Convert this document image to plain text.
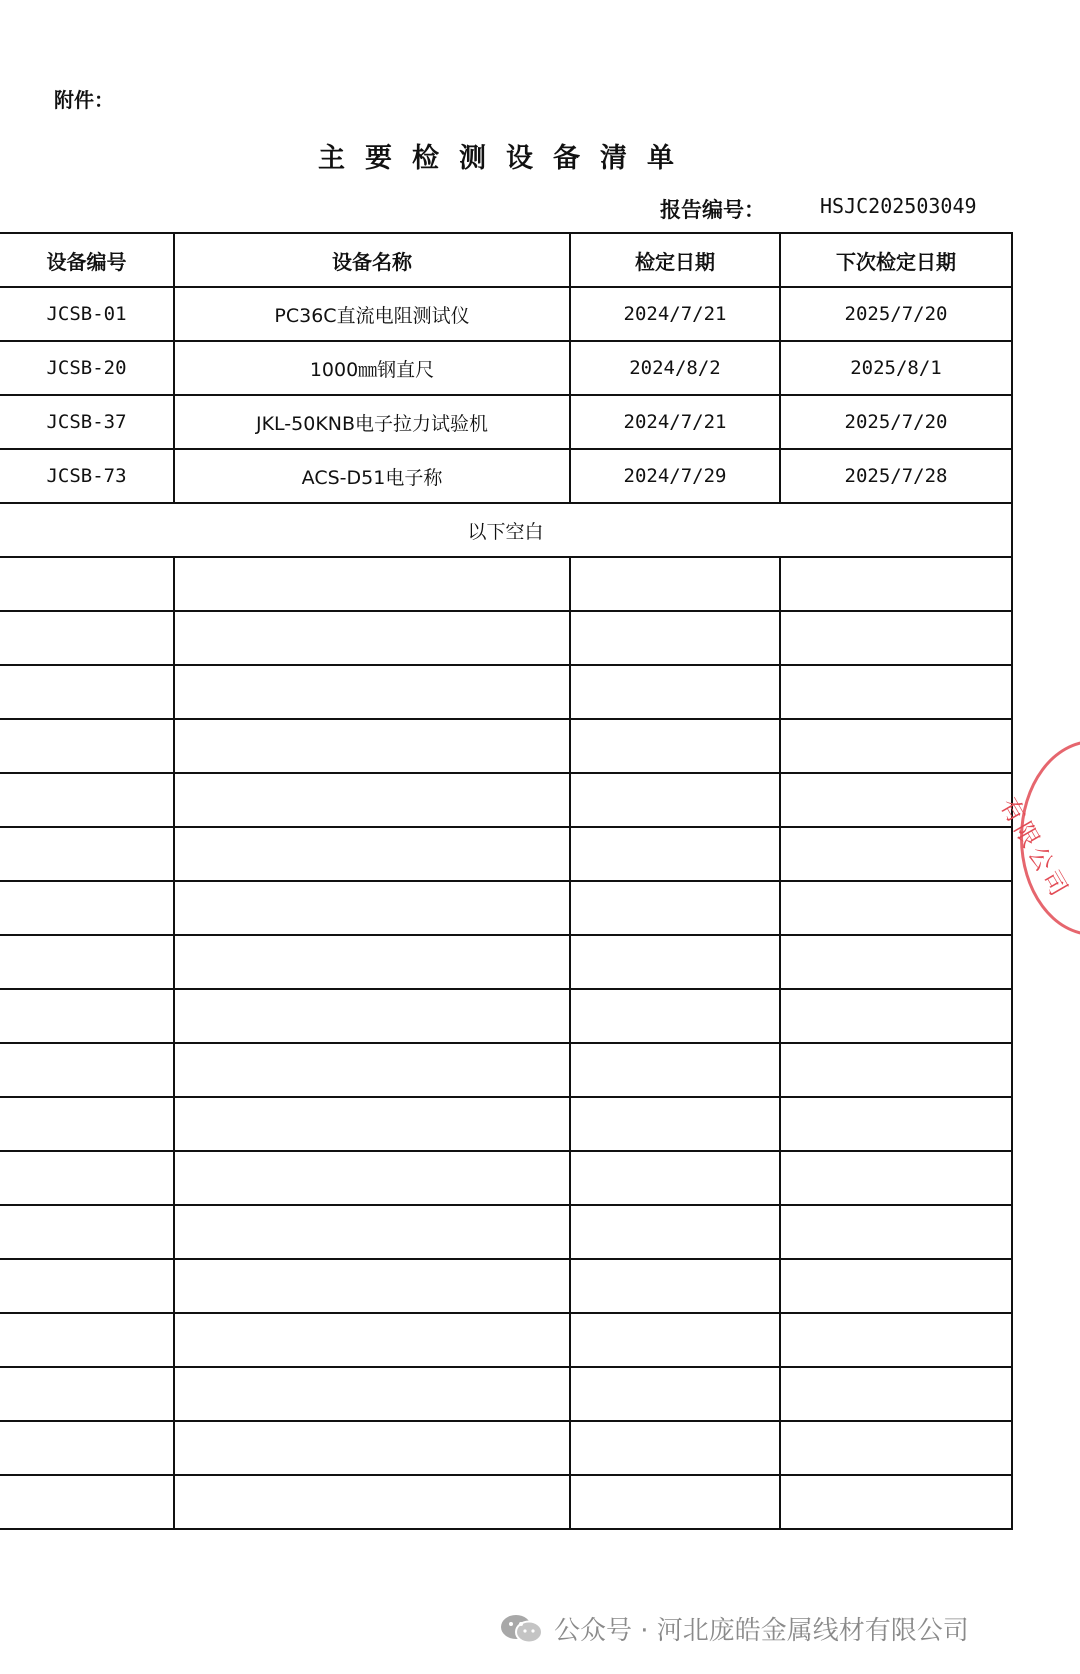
附件：
主要检测设备清单
报告编号：	HSJC202503049
设备编号	设备名称	检定日期	下次检定日期
JCSB-01	PC36C直流电阻测试仪	2024/7/21	2025/7/20
JCSB-20	1000㎜钢直尺	2024/8/2	2025/8/1
JCSB-37	JKL-50KNB电子拉力试验机	2024/7/21	2025/7/20
JCSB-73	ACS-D51电子称	2024/7/29	2025/7/28
以下空白			

有限公司
公众号 · 河北庞皓金属线材有限公司
